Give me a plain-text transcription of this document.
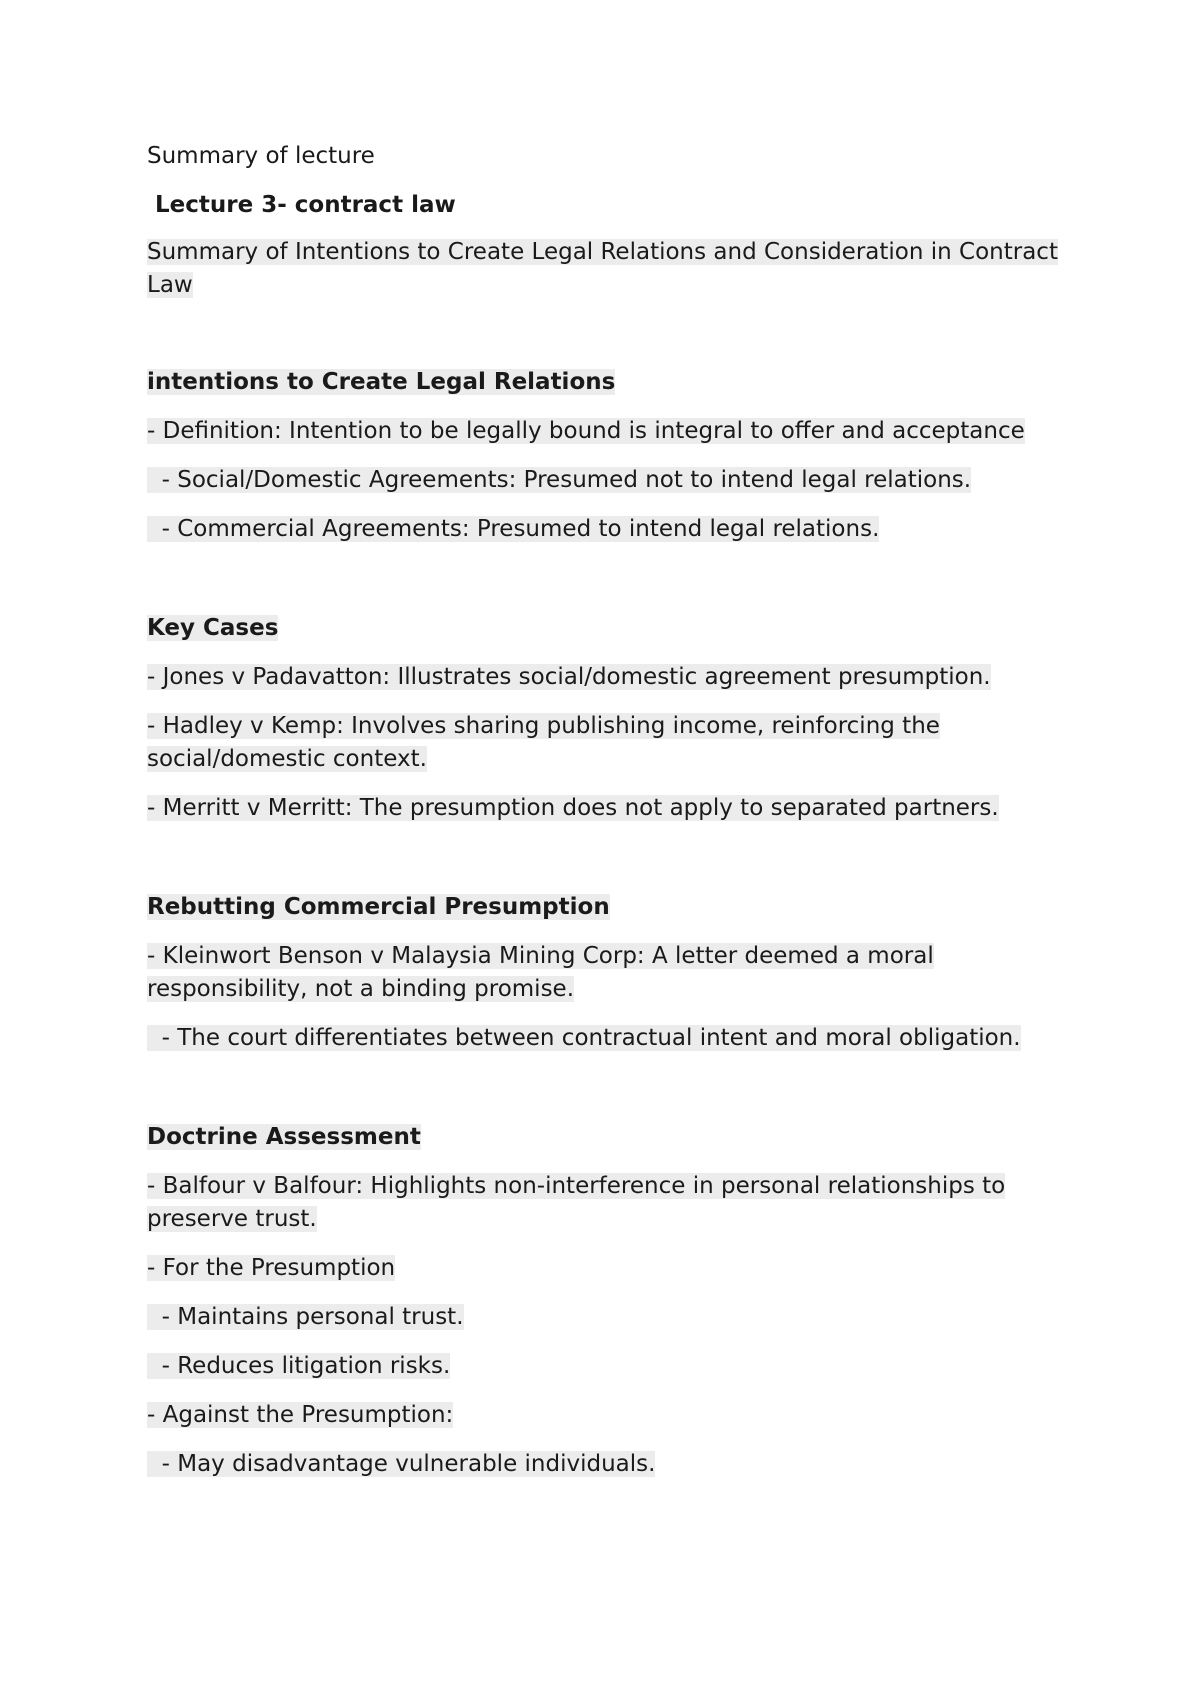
Summary of lecture
Lecture 3- contract law
Summary of Intentions to Create Legal Relations and Consideration in Contract Law
intentions to Create Legal Relations
- Definition: Intention to be legally bound is integral to offer and acceptance
- Social/Domestic Agreements: Presumed not to intend legal relations.
- Commercial Agreements: Presumed to intend legal relations.
Key Cases
- Jones v Padavatton: Illustrates social/domestic agreement presumption.
- Hadley v Kemp: Involves sharing publishing income, reinforcing the social/domestic context.
- Merritt v Merritt: The presumption does not apply to separated partners.
Rebutting Commercial Presumption
- Kleinwort Benson v Malaysia Mining Corp: A letter deemed a moral responsibility, not a binding promise.
- The court differentiates between contractual intent and moral obligation.
Doctrine Assessment
- Balfour v Balfour: Highlights non-interference in personal relationships to preserve trust.
- For the Presumption
- Maintains personal trust.
- Reduces litigation risks.
- Against the Presumption:
- May disadvantage vulnerable individuals.
